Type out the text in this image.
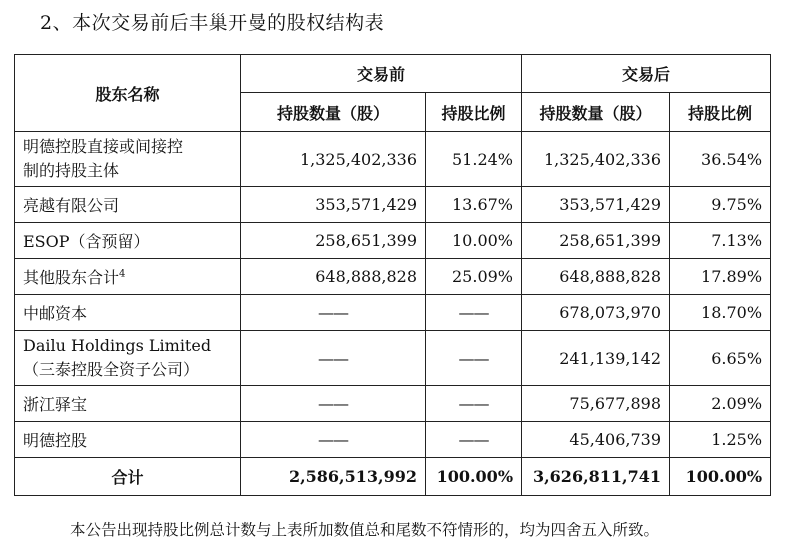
2、本次交易前后丰巢开曼的股权结构表
股东名称	交易前		交易后	
	持股数量（股）	持股比例	持股数量（股）	持股比例

明德控股直接或间接控
制的持股主体	1,325,402,336	51.24%	1,325,402,336	36.54%
亮越有限公司	353,571,429	13.67%	353,571,429	9.75%
ESOP（含预留）	258,651,399	10.00%	258,651,399	7.13%
其他股东合计$^4$	648,888,828	25.09%	648,888,828	17.89%
中邮资本	——	——	678,073,970	18.70%

Dailu Holdings Limited
（三泰控股全资子公司）	——	——	241,139,142	6.65%
浙江驿宝	——	——	75,677,898	2.09%
明德控股	——	——	45,406,739	1.25%
合计	2,586,513,992	100.00%	3,626,811,741	100.00%
本公告出现持股比例总计数与上表所加数值总和尾数不符情形的，均为四舍五入所致。
